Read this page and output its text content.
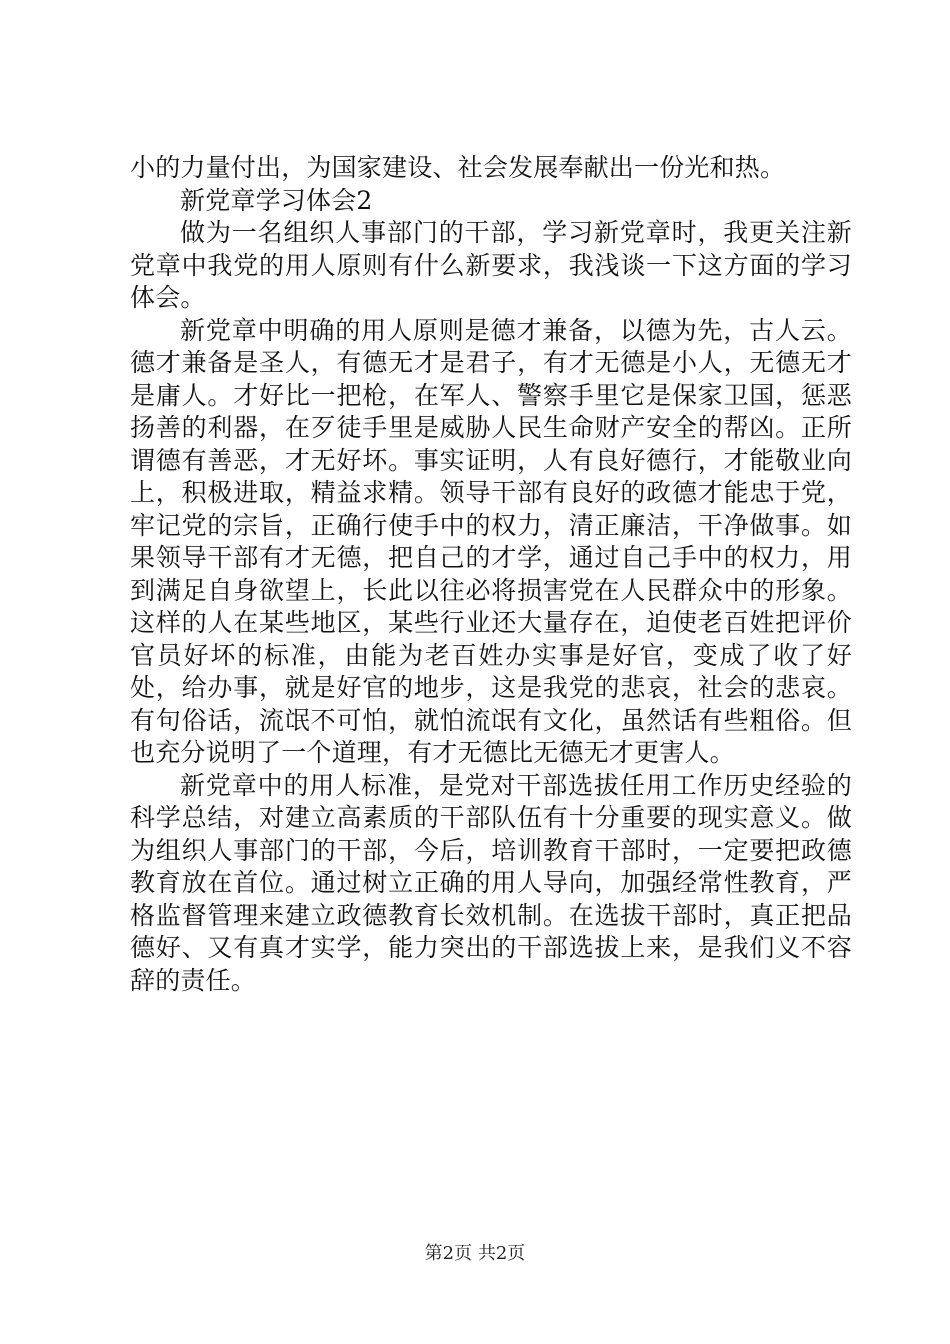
小的力量付出，为国家建设、社会发展奉献出一份光和热。

新党章学习体会2

做为一名组织人事部门的干部，学习新党章时，我更关注新党章中我党的用人原则有什么新要求，我浅谈一下这方面的学习体会。

新党章中明确的用人原则是德才兼备，以德为先，古人云。德才兼备是圣人，有德无才是君子，有才无德是小人，无德无才是庸人。才好比一把枪，在军人、警察手里它是保家卫国，惩恶扬善的利器，在歹徒手里是威胁人民生命财产安全的帮凶。正所谓德有善恶，才无好坏。事实证明，人有良好德行，才能敬业向上，积极进取，精益求精。领导干部有良好的政德才能忠于党，牢记党的宗旨，正确行使手中的权力，清正廉洁，干净做事。如果领导干部有才无德，把自己的才学，通过自己手中的权力，用到满足自身欲望上，长此以往必将损害党在人民群众中的形象。这样的人在某些地区，某些行业还大量存在，迫使老百姓把评价官员好坏的标准，由能为老百姓办实事是好官，变成了收了好处，给办事，就是好官的地步，这是我党的悲哀，社会的悲哀。有句俗话，流氓不可怕，就怕流氓有文化，虽然话有些粗俗。但也充分说明了一个道理，有才无德比无德无才更害人。

新党章中的用人标准，是党对干部选拔任用工作历史经验的科学总结，对建立高素质的干部队伍有十分重要的现实意义。做为组织人事部门的干部，今后，培训教育干部时，一定要把政德教育放在首位。通过树立正确的用人导向，加强经常性教育，严格监督管理来建立政德教育长效机制。在选拔干部时，真正把品德好、又有真才实学，能力突出的干部选拔上来，是我们义不容辞的责任。

第2页 共2页
